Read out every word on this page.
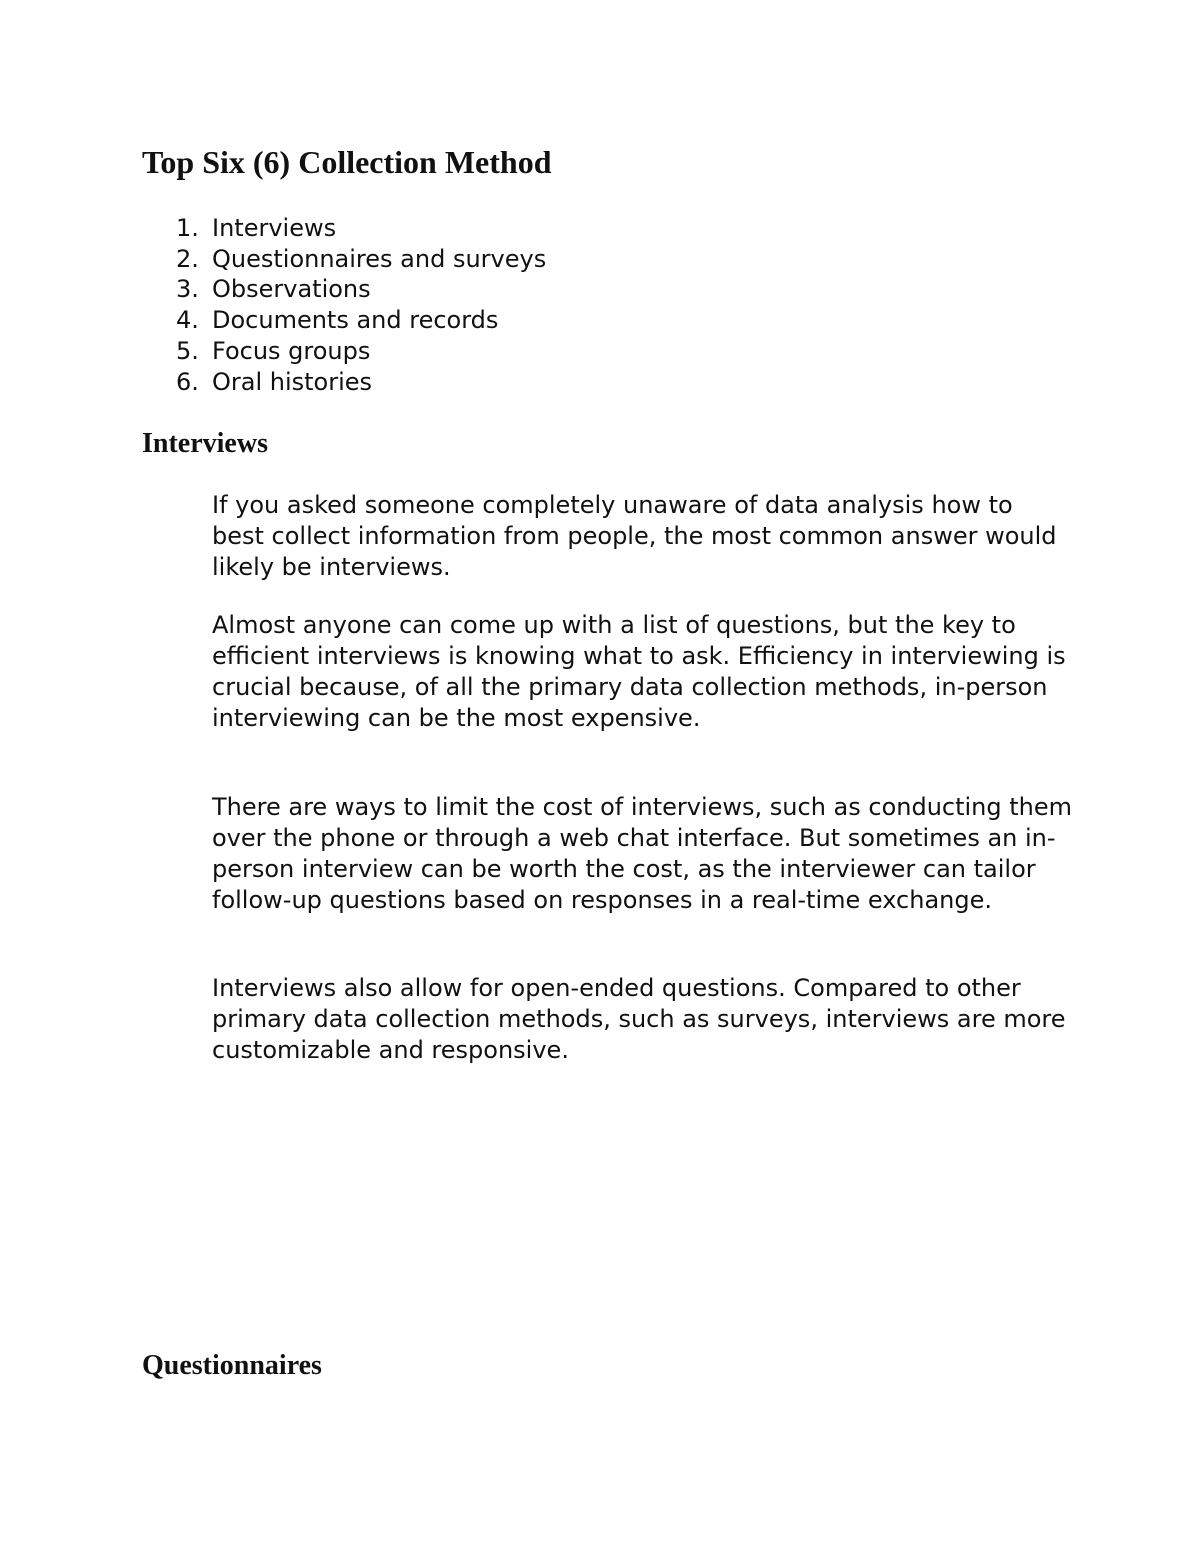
Top Six (6) Collection Method
1. Interviews
2. Questionnaires and surveys
3. Observations
4. Documents and records
5. Focus groups
6. Oral histories
Interviews

If you asked someone completely unaware of data analysis how to best collect information from people, the most common answer would likely be interviews.

Almost anyone can come up with a list of questions, but the key to efficient interviews is knowing what to ask. Efficiency in interviewing is crucial because, of all the primary data collection methods, in-person interviewing can be the most expensive.

There are ways to limit the cost of interviews, such as conducting them over the phone or through a web chat interface. But sometimes an in-person interview can be worth the cost, as the interviewer can tailor follow-up questions based on responses in a real-time exchange.

Interviews also allow for open-ended questions. Compared to other primary data collection methods, such as surveys, interviews are more customizable and responsive.

Questionnaires
